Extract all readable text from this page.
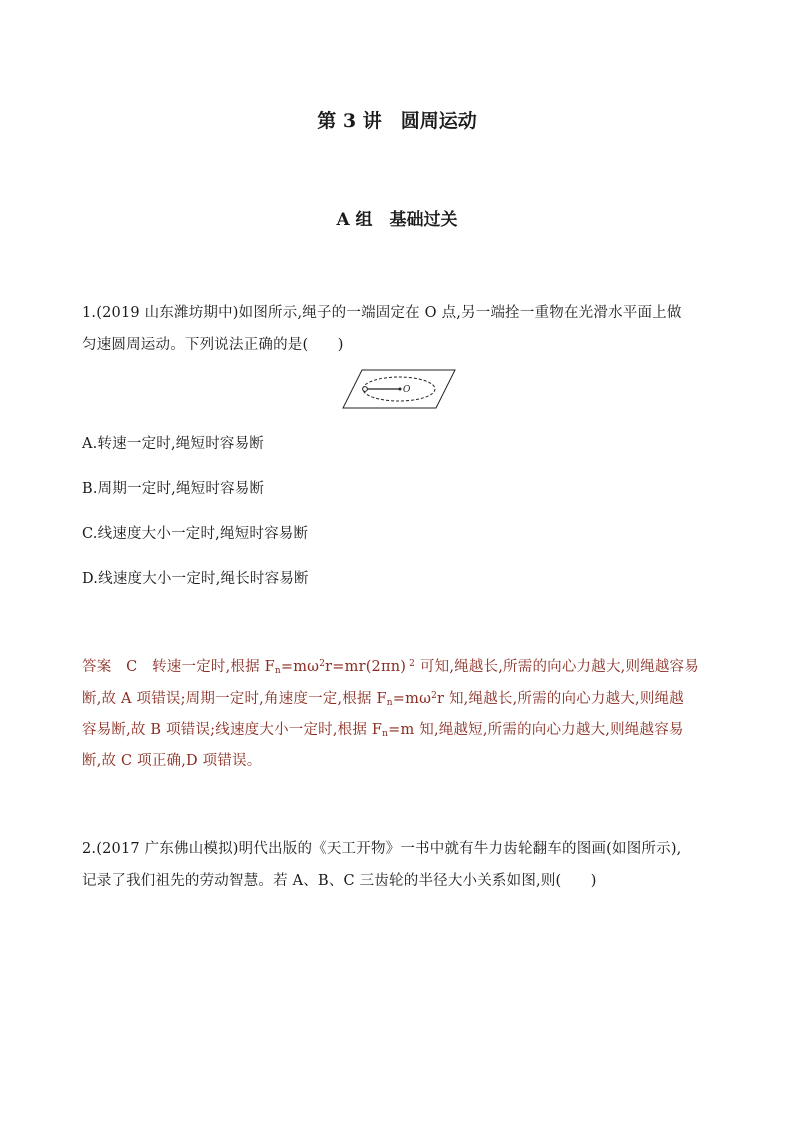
第 3 讲　圆周运动
A 组　基础过关
1.(2019 山东潍坊期中)如图所示,绳子的一端固定在 O 点,另一端拴一重物在光滑水平面上做
匀速圆周运动。下列说法正确的是(　　)
O
A.转速一定时,绳短时容易断
B.周期一定时,绳短时容易断
C.线速度大小一定时,绳短时容易断
D.线速度大小一定时,绳长时容易断
答案　C　转速一定时,根据 $F_n=m\omega^2r=mr(2\pi n)$ $^2$ 可知,绳越长,所需的向心力越大,则绳越容易
断,故 A 项错误;周期一定时,角速度一定,根据 $F_n=m\omega^2r$ 知,绳越长,所需的向心力越大,则绳越
容易断,故 B 项错误;线速度大小一定时,根据 $F_n=m$ 知,绳越短,所需的向心力越大,则绳越容易
断,故 C 项正确,D 项错误。
2.(2017 广东佛山模拟)明代出版的《天工开物》一书中就有牛力齿轮翻车的图画(如图所示),
记录了我们祖先的劳动智慧。若 A、B、C 三齿轮的半径大小关系如图,则(　　)
